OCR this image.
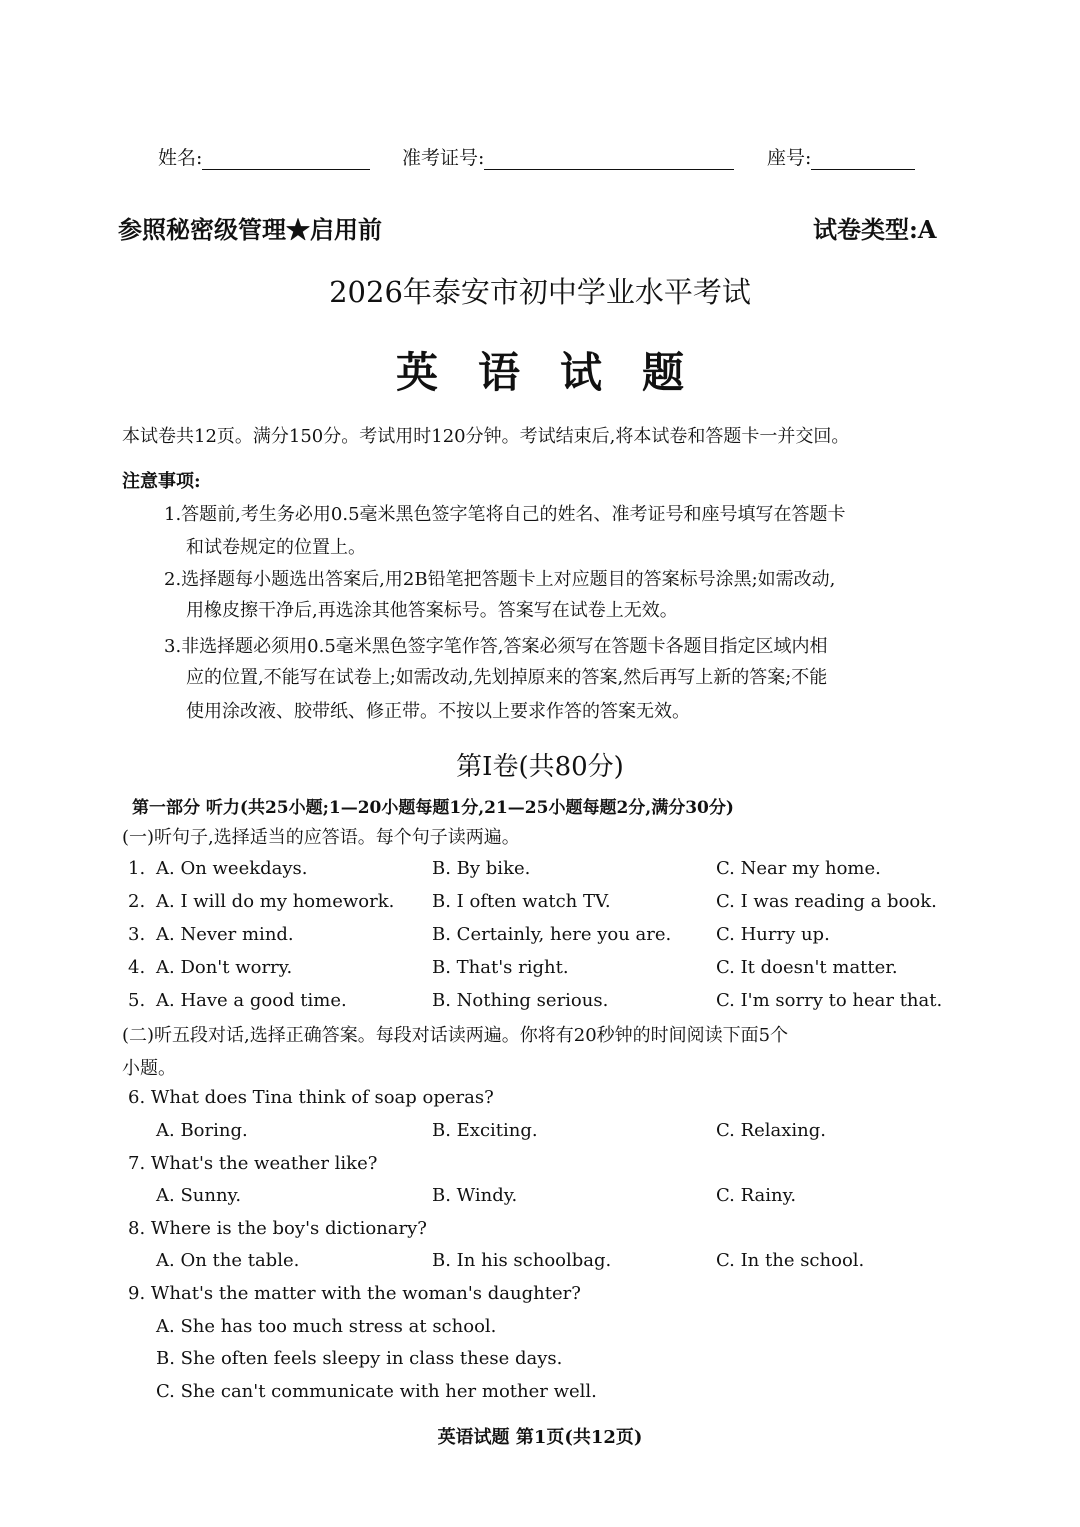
姓名:	准考证号:	座号:
参照秘密级管理★启用前	试卷类型:A
2026年泰安市初中学业水平考试
英语试题
本试卷共12页。满分150分。考试用时120分钟。考试结束后,将本试卷和答题卡一并交回。
注意事项:
1.答题前,考生务必用0.5毫米黑色签字笔将自己的姓名、准考证号和座号填写在答题卡
和试卷规定的位置上。
2.选择题每小题选出答案后,用2B铅笔把答题卡上对应题目的答案标号涂黑;如需改动,
用橡皮擦干净后,再选涂其他答案标号。答案写在试卷上无效。
3.非选择题必须用0.5毫米黑色签字笔作答,答案必须写在答题卡各题目指定区域内相
应的位置,不能写在试卷上;如需改动,先划掉原来的答案,然后再写上新的答案;不能
使用涂改液、胶带纸、修正带。不按以上要求作答的答案无效。
第Ⅰ卷(共80分)
第一部分 听力(共25小题;1—20小题每题1分,21—25小题每题2分,满分30分)
(一)听句子,选择适当的应答语。每个句子读两遍。
1. A. On weekdays.	B. By bike.	C. Near my home.
2. A. I will do my homework. B. I often watch TV.	C. I was reading a book.
3. A. Never mind.	B. Certainly, here you are. C. Hurry up.
4. A. Don't worry.	B. That's right.	C. It doesn't matter.
5. A. Have a good time.	B. Nothing serious.	C. I'm sorry to hear that.
(二)听五段对话,选择正确答案。每段对话读两遍。你将有20秒钟的时间阅读下面5个
小题。
6. What does Tina think of soap operas?
A. Boring.	B. Exciting.	C. Relaxing.
7. What's the weather like?
A. Sunny.	B. Windy.	C. Rainy.
8. Where is the boy's dictionary?
A. On the table.	B. In his schoolbag.	C. In the school.
9. What's the matter with the woman's daughter?
A. She has too much stress at school.
B. She often feels sleepy in class these days.
C. She can't communicate with her mother well.
英语试题 第1页(共12页)
